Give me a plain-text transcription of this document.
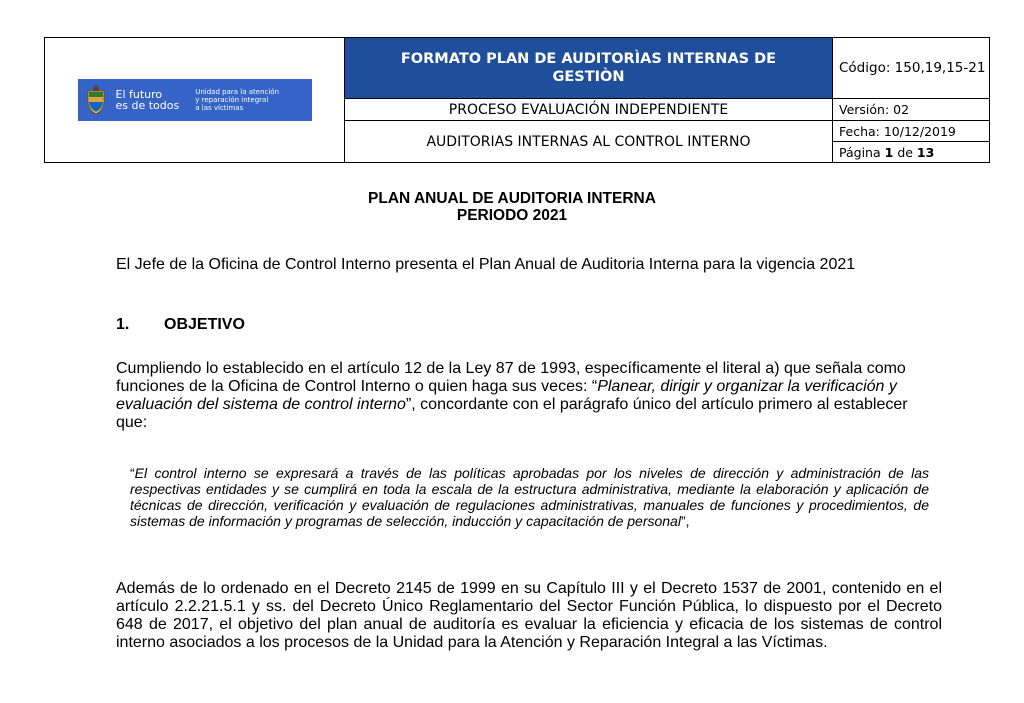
El futuro
es de todos
Unidad para la atención
y reparación integral
a las víctimas	FORMATO PLAN DE AUDITORÌAS INTERNAS DE GESTIÒN	Código: 150,19,15-21
	PROCESO EVALUACIÓN INDEPENDIENTE	Versión: 02
	AUDITORIAS INTERNAS AL CONTROL INTERNO	Fecha: 10/12/2019
		Página 1 de 13
PLAN ANUAL DE AUDITORIA INTERNA
PERIODO 2021
El Jefe de la Oficina de Control Interno presenta el Plan Anual de Auditoria Interna para la vigencia 2021
1. OBJETIVO
Cumpliendo lo establecido en el artículo 12 de la Ley 87 de 1993, específicamente el literal a) que señala como funciones de la Oficina de Control Interno o quien haga sus veces: “Planear, dirigir y organizar la verificación y evaluación del sistema de control interno”, concordante con el parágrafo único del artículo primero al establecer que:
“El control interno se expresará a través de las políticas aprobadas por los niveles de dirección y administración de las respectivas entidades y se cumplirá en toda la escala de la estructura administrativa, mediante la elaboración y aplicación de técnicas de dirección, verificación y evaluación de regulaciones administrativas, manuales de funciones y procedimientos, de sistemas de información y programas de selección, inducción y capacitación de personal”,
Además de lo ordenado en el Decreto 2145 de 1999 en su Capítulo III y el Decreto 1537 de 2001, contenido en el artículo 2.2.21.5.1 y ss. del Decreto Único Reglamentario del Sector Función Pública, lo dispuesto por el Decreto 648 de 2017, el objetivo del plan anual de auditoría es evaluar la eficiencia y eficacia de los sistemas de control interno asociados a los procesos de la Unidad para la Atención y Reparación Integral a las Víctimas.
